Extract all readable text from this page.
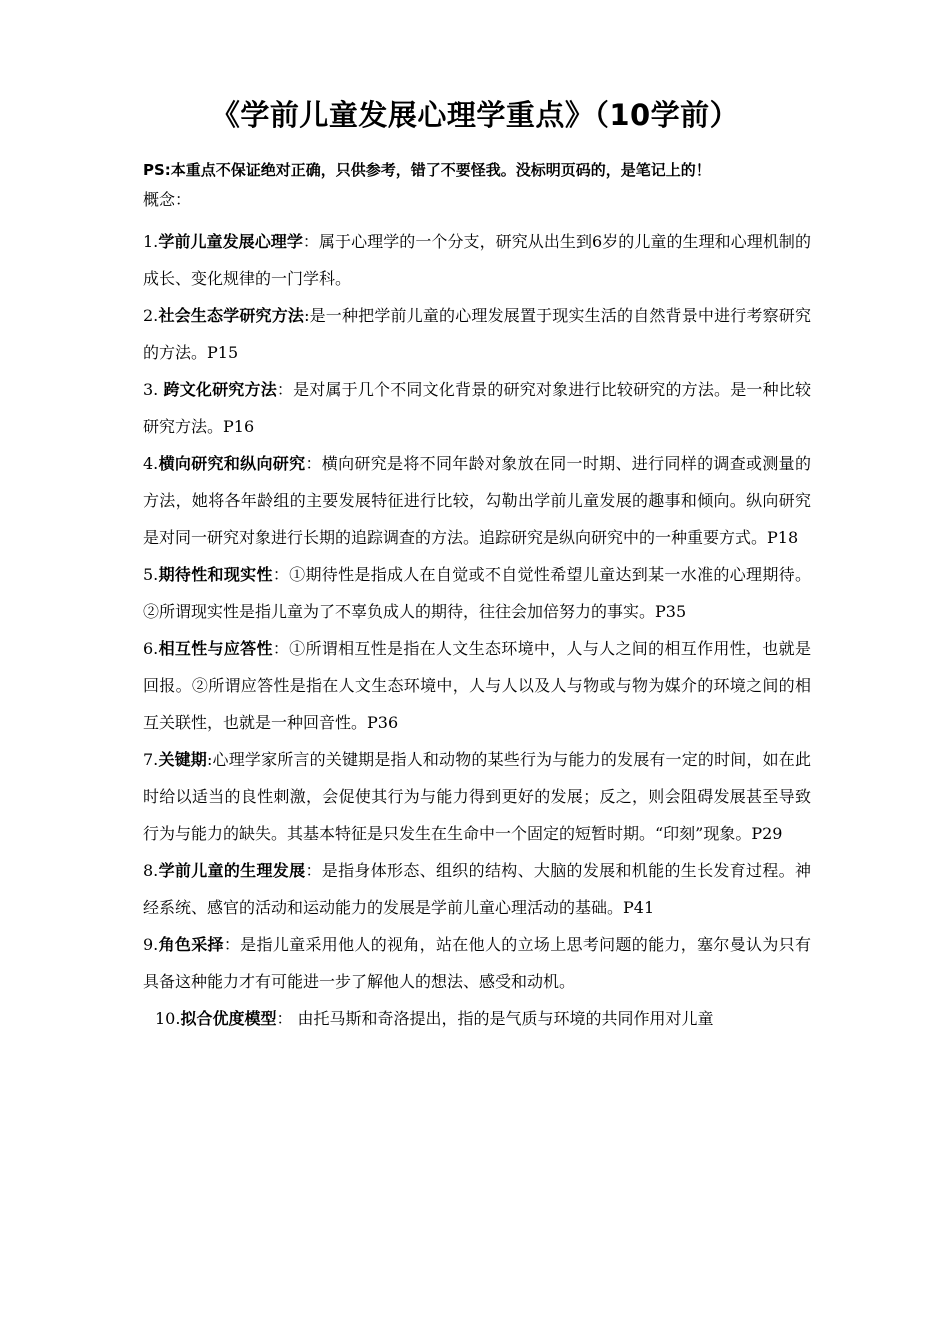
《学前儿童发展心理学重点》（10学前）
PS:本重点不保证绝对正确，只供参考，错了不要怪我。没标明页码的，是笔记上的！
概念：

1.学前儿童发展心理学：属于心理学的一个分支，研究从出生到6岁的儿童的生理和心理机制的成长、变化规律的一门学科。

2.社会生态学研究方法:是一种把学前儿童的心理发展置于现实生活的自然背景中进行考察研究的方法。P15

3. 跨文化研究方法：是对属于几个不同文化背景的研究对象进行比较研究的方法。是一种比较研究方法。P16

4.横向研究和纵向研究：横向研究是将不同年龄对象放在同一时期、进行同样的调查或测量的方法，她将各年龄组的主要发展特征进行比较，勾勒出学前儿童发展的趣事和倾向。纵向研究是对同一研究对象进行长期的追踪调查的方法。追踪研究是纵向研究中的一种重要方式。P18

5.期待性和现实性：①期待性是指成人在自觉或不自觉性希望儿童达到某一水准的心理期待。②所谓现实性是指儿童为了不辜负成人的期待，往往会加倍努力的事实。P35

6.相互性与应答性：①所谓相互性是指在人文生态环境中，人与人之间的相互作用性，也就是回报。②所谓应答性是指在人文生态环境中，人与人以及人与物或与物为媒介的环境之间的相互关联性，也就是一种回音性。P36

7.关键期:心理学家所言的关键期是指人和动物的某些行为与能力的发展有一定的时间，如在此时给以适当的良性刺激，会促使其行为与能力得到更好的发展；反之，则会阻碍发展甚至导致行为与能力的缺失。其基本特征是只发生在生命中一个固定的短暂时期。“印刻”现象。P29

8.学前儿童的生理发展：是指身体形态、组织的结构、大脑的发展和机能的生长发育过程。神经系统、感官的活动和运动能力的发展是学前儿童心理活动的基础。P41

9.角色采择：是指儿童采用他人的视角，站在他人的立场上思考问题的能力，塞尔曼认为只有具备这种能力才有可能进一步了解他人的想法、感受和动机。

10.拟合优度模型： 由托马斯和奇洛提出，指的是气质与环境的共同作用对儿童
